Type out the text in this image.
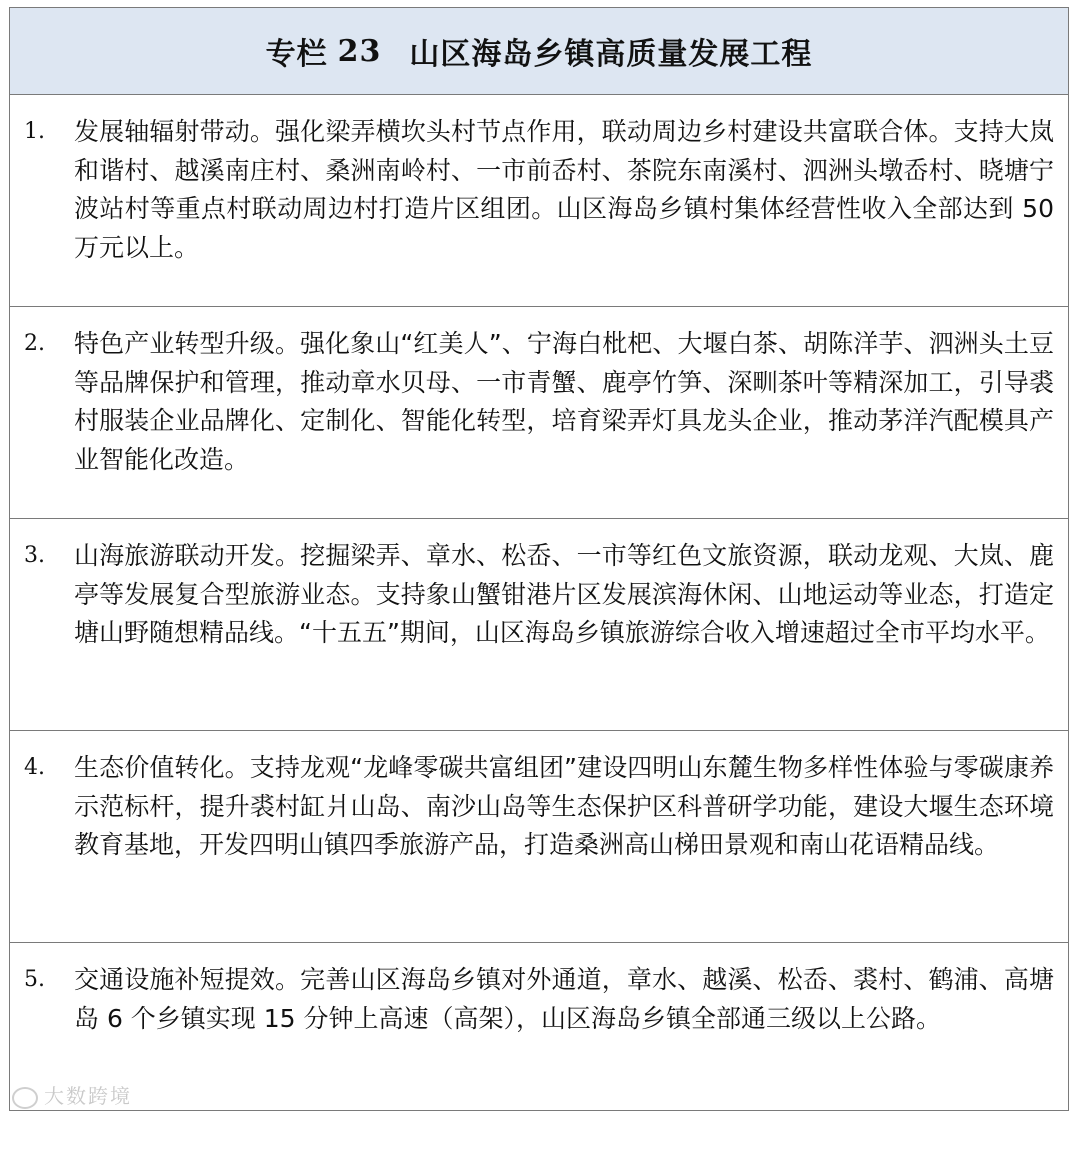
专栏 23 山区海岛乡镇高质量发展工程
1. 发展轴辐射带动。强化梁弄横坎头村节点作用，联动周边乡村建设共富联合体。支持大岚和谐村、越溪南庄村、桑洲南岭村、一市前岙村、茶院东南溪村、泗洲头墩岙村、晓塘宁波站村等重点村联动周边村打造片区组团。山区海岛乡镇村集体经营性收入全部达到 50 万元以上。

2. 特色产业转型升级。强化象山“红美人”、宁海白枇杷、大堰白茶、胡陈洋芋、泗洲头土豆等品牌保护和管理，推动章水贝母、一市青蟹、鹿亭竹笋、深甽茶叶等精深加工，引导裘村服装企业品牌化、定制化、智能化转型，培育梁弄灯具龙头企业，推动茅洋汽配模具产业智能化改造。

3. 山海旅游联动开发。挖掘梁弄、章水、松岙、一市等红色文旅资源，联动龙观、大岚、鹿亭等发展复合型旅游业态。支持象山蟹钳港片区发展滨海休闲、山地运动等业态，打造定塘山野随想精品线。“十五五”期间，山区海岛乡镇旅游综合收入增速超过全市平均水平。

4. 生态价值转化。支持龙观“龙峰零碳共富组团”建设四明山东麓生物多样性体验与零碳康养示范标杆，提升裘村缸爿山岛、南沙山岛等生态保护区科普研学功能，建设大堰生态环境教育基地，开发四明山镇四季旅游产品，打造桑洲高山梯田景观和南山花语精品线。

5. 交通设施补短提效。完善山区海岛乡镇对外通道，章水、越溪、松岙、裘村、鹤浦、高塘岛 6 个乡镇实现 15 分钟上高速（高架），山区海岛乡镇全部通三级以上公路。

大数跨境
